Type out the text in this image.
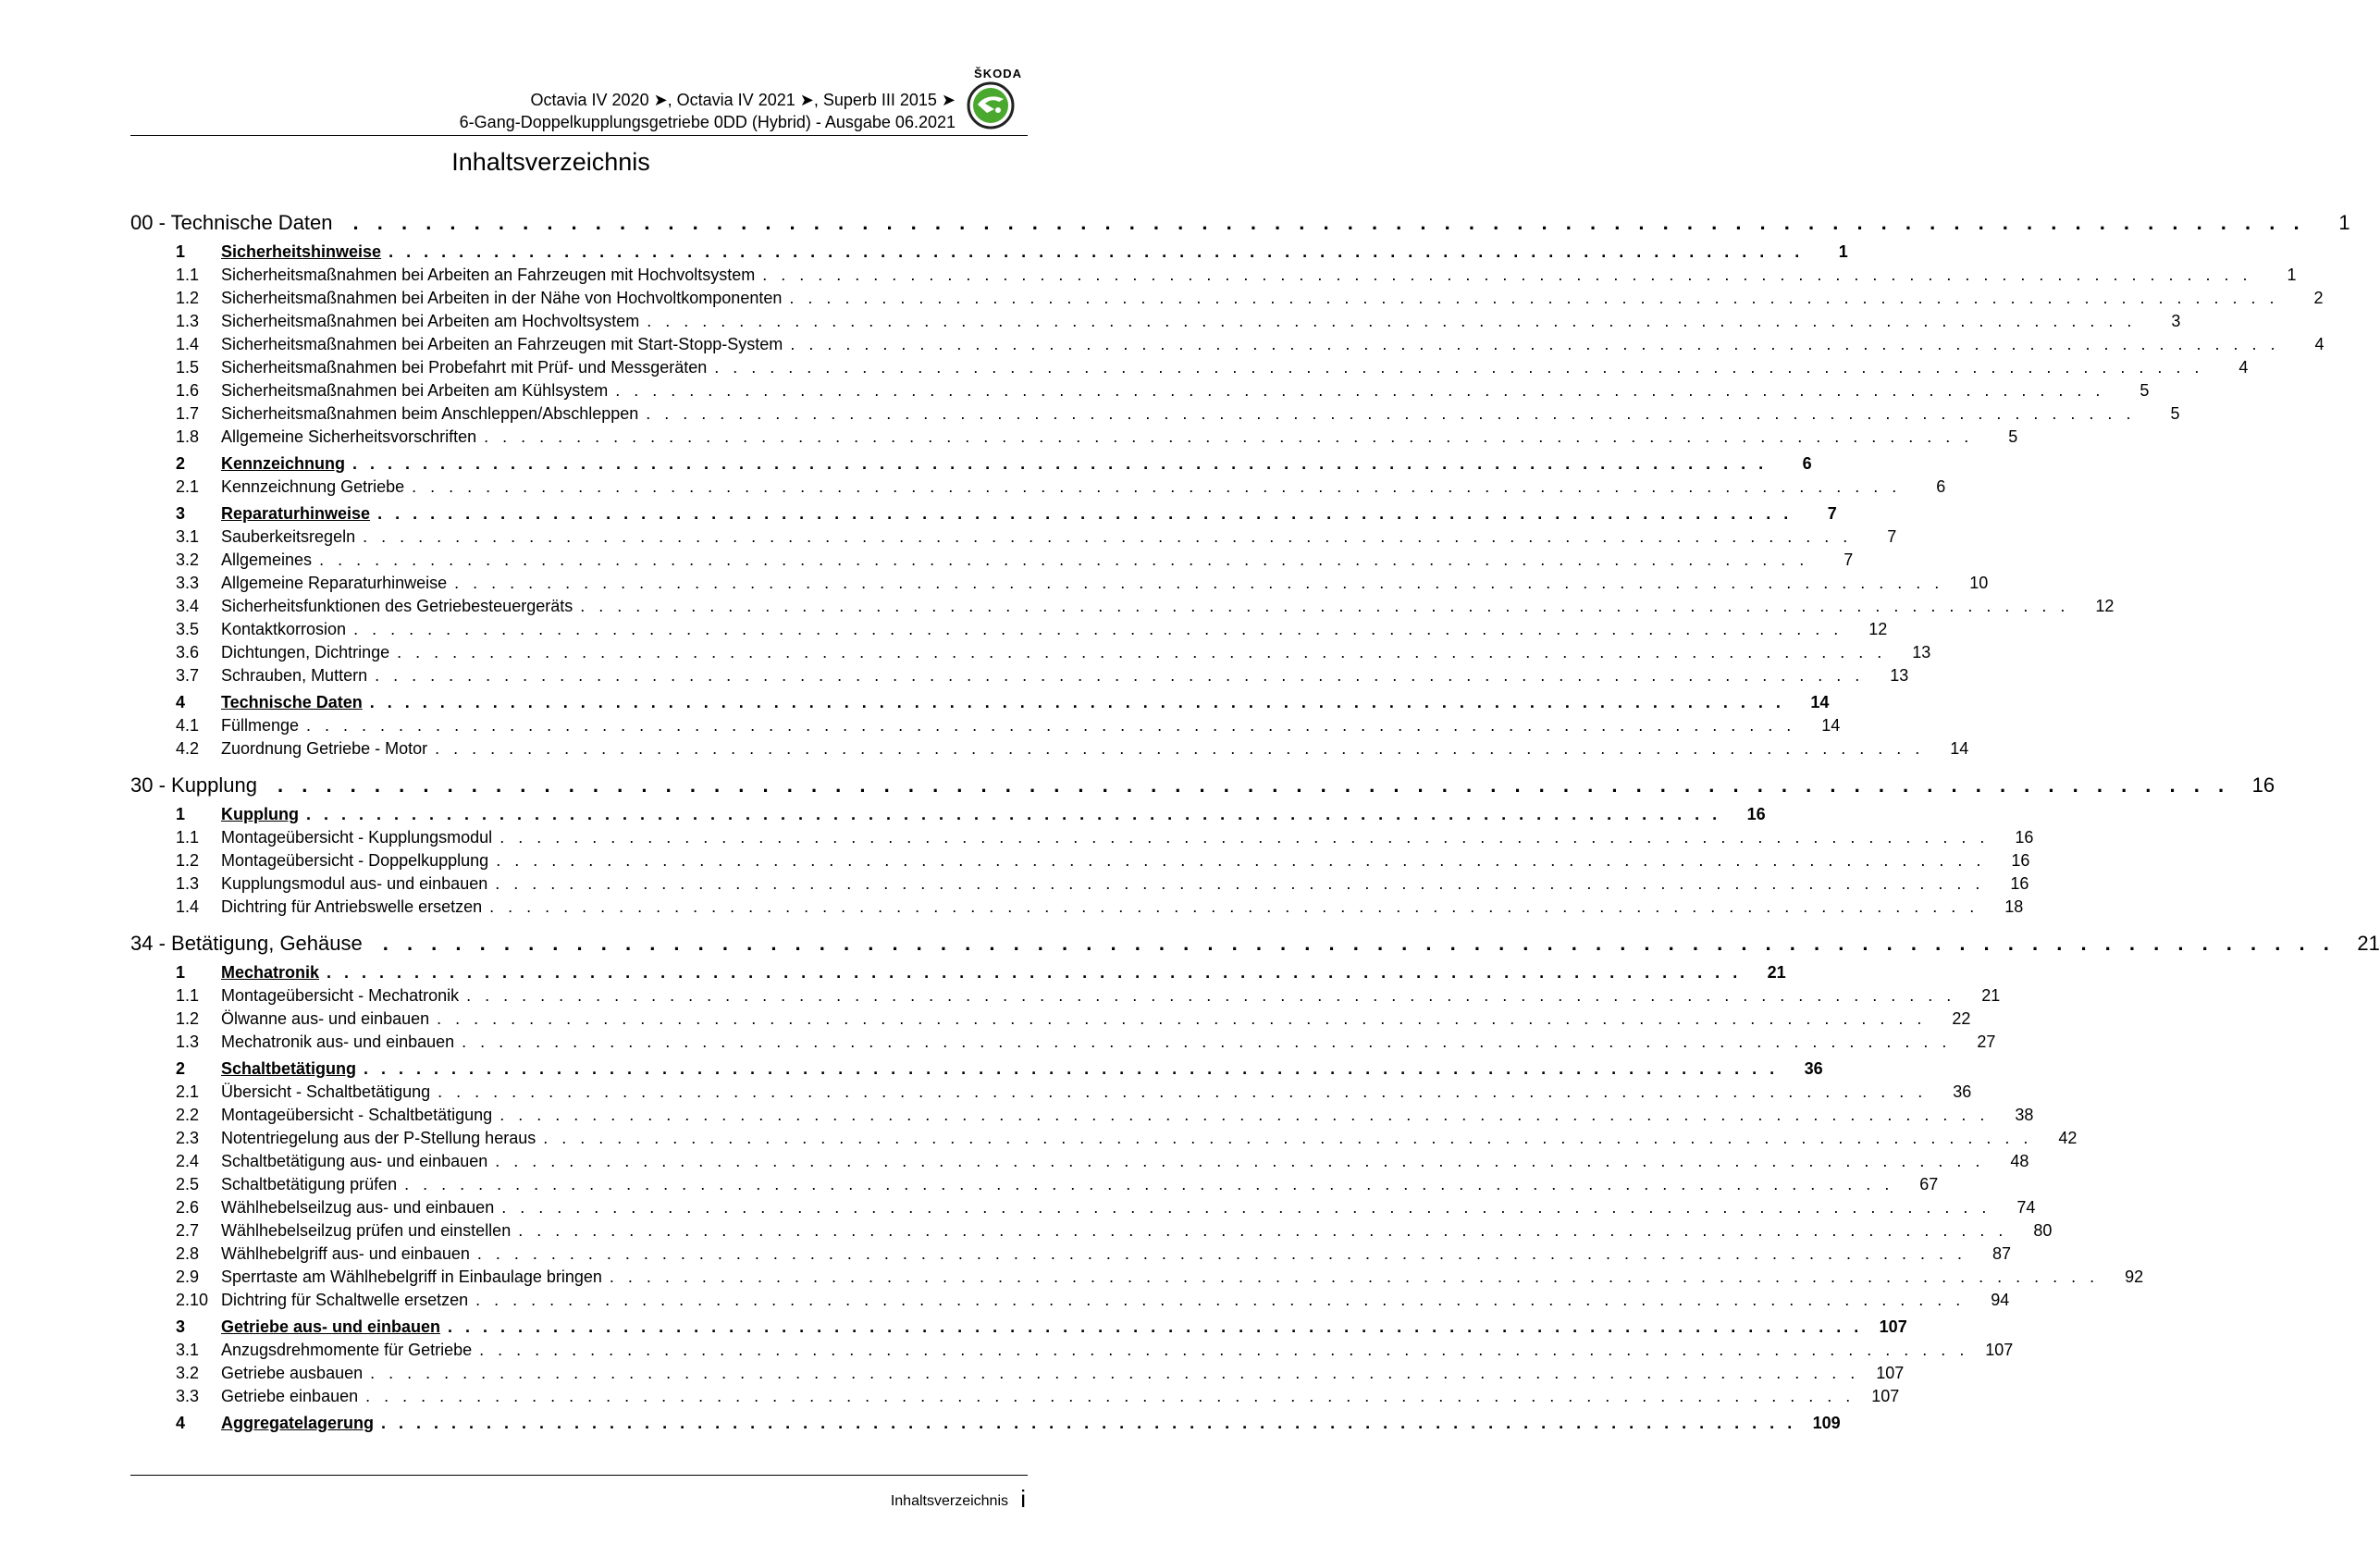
ŠKODA
Octavia IV 2020 ➤, Octavia IV 2021 ➤, Superb III 2015 ➤
6-Gang-Doppelkupplungsgetriebe 0DD (Hybrid) - Ausgabe 06.2021
Inhaltsverzeichnis
00 - Technische Daten	. . . . . . . . . . . . . . . . . . . . . . . . . . . . . . . . . . . . . . . . . . . . . . . . . . . . . . . . . . . . . . . . . . . . . . . . . . . . . . . . .	1
1	Sicherheitshinweise . . . . . . . . . . . . . . . . . . . . . . . . . . . . . . . . . . . . . . . . . . . . . . . . . . . . . . . . . . . . . . . . . . . . . . . . . . . . . . . . .	1
1.1	Sicherheitsmaßnahmen bei Arbeiten an Fahrzeugen mit Hochvoltsystem . . . . . . . . . . . . . . . . . . . . . . . . . . . . . . . . . . . . . . . . . . . . . . . . . . . . . . . . . . . . . . . . . . . . . . . . . . . . . . . . .	1
1.2	Sicherheitsmaßnahmen bei Arbeiten in der Nähe von Hochvoltkomponenten . . . . . . . . . . . . . . . . . . . . . . . . . . . . . . . . . . . . . . . . . . . . . . . . . . . . . . . . . . . . . . . . . . . . . . . . . . . . . . . . .	2
1.3	Sicherheitsmaßnahmen bei Arbeiten am Hochvoltsystem . . . . . . . . . . . . . . . . . . . . . . . . . . . . . . . . . . . . . . . . . . . . . . . . . . . . . . . . . . . . . . . . . . . . . . . . . . . . . . . . .	3
1.4	Sicherheitsmaßnahmen bei Arbeiten an Fahrzeugen mit Start-Stopp-System . . . . . . . . . . . . . . . . . . . . . . . . . . . . . . . . . . . . . . . . . . . . . . . . . . . . . . . . . . . . . . . . . . . . . . . . . . . . . . . . .	4
1.5	Sicherheitsmaßnahmen bei Probefahrt mit Prüf- und Messgeräten . . . . . . . . . . . . . . . . . . . . . . . . . . . . . . . . . . . . . . . . . . . . . . . . . . . . . . . . . . . . . . . . . . . . . . . . . . . . . . . . .	4
1.6	Sicherheitsmaßnahmen bei Arbeiten am Kühlsystem . . . . . . . . . . . . . . . . . . . . . . . . . . . . . . . . . . . . . . . . . . . . . . . . . . . . . . . . . . . . . . . . . . . . . . . . . . . . . . . . .	5
1.7	Sicherheitsmaßnahmen beim Anschleppen/Abschleppen . . . . . . . . . . . . . . . . . . . . . . . . . . . . . . . . . . . . . . . . . . . . . . . . . . . . . . . . . . . . . . . . . . . . . . . . . . . . . . . . .	5
1.8	Allgemeine Sicherheitsvorschriften . . . . . . . . . . . . . . . . . . . . . . . . . . . . . . . . . . . . . . . . . . . . . . . . . . . . . . . . . . . . . . . . . . . . . . . . . . . . . . . . .	5
2	Kennzeichnung . . . . . . . . . . . . . . . . . . . . . . . . . . . . . . . . . . . . . . . . . . . . . . . . . . . . . . . . . . . . . . . . . . . . . . . . . . . . . . . . .	6
2.1	Kennzeichnung Getriebe . . . . . . . . . . . . . . . . . . . . . . . . . . . . . . . . . . . . . . . . . . . . . . . . . . . . . . . . . . . . . . . . . . . . . . . . . . . . . . . . .	6
3	Reparaturhinweise . . . . . . . . . . . . . . . . . . . . . . . . . . . . . . . . . . . . . . . . . . . . . . . . . . . . . . . . . . . . . . . . . . . . . . . . . . . . . . . . .	7
3.1	Sauberkeitsregeln . . . . . . . . . . . . . . . . . . . . . . . . . . . . . . . . . . . . . . . . . . . . . . . . . . . . . . . . . . . . . . . . . . . . . . . . . . . . . . . . .	7
3.2	Allgemeines . . . . . . . . . . . . . . . . . . . . . . . . . . . . . . . . . . . . . . . . . . . . . . . . . . . . . . . . . . . . . . . . . . . . . . . . . . . . . . . . .	7
3.3	Allgemeine Reparaturhinweise . . . . . . . . . . . . . . . . . . . . . . . . . . . . . . . . . . . . . . . . . . . . . . . . . . . . . . . . . . . . . . . . . . . . . . . . . . . . . . . . .	10
3.4	Sicherheitsfunktionen des Getriebesteuergeräts . . . . . . . . . . . . . . . . . . . . . . . . . . . . . . . . . . . . . . . . . . . . . . . . . . . . . . . . . . . . . . . . . . . . . . . . . . . . . . . . .	12
3.5	Kontaktkorrosion . . . . . . . . . . . . . . . . . . . . . . . . . . . . . . . . . . . . . . . . . . . . . . . . . . . . . . . . . . . . . . . . . . . . . . . . . . . . . . . . .	12
3.6	Dichtungen, Dichtringe . . . . . . . . . . . . . . . . . . . . . . . . . . . . . . . . . . . . . . . . . . . . . . . . . . . . . . . . . . . . . . . . . . . . . . . . . . . . . . . . .	13
3.7	Schrauben, Muttern . . . . . . . . . . . . . . . . . . . . . . . . . . . . . . . . . . . . . . . . . . . . . . . . . . . . . . . . . . . . . . . . . . . . . . . . . . . . . . . . .	13
4	Technische Daten . . . . . . . . . . . . . . . . . . . . . . . . . . . . . . . . . . . . . . . . . . . . . . . . . . . . . . . . . . . . . . . . . . . . . . . . . . . . . . . . .	14
4.1	Füllmenge . . . . . . . . . . . . . . . . . . . . . . . . . . . . . . . . . . . . . . . . . . . . . . . . . . . . . . . . . . . . . . . . . . . . . . . . . . . . . . . . .	14
4.2	Zuordnung Getriebe - Motor . . . . . . . . . . . . . . . . . . . . . . . . . . . . . . . . . . . . . . . . . . . . . . . . . . . . . . . . . . . . . . . . . . . . . . . . . . . . . . . . .	14
30 - Kupplung	. . . . . . . . . . . . . . . . . . . . . . . . . . . . . . . . . . . . . . . . . . . . . . . . . . . . . . . . . . . . . . . . . . . . . . . . . . . . . . . . .	16
1	Kupplung . . . . . . . . . . . . . . . . . . . . . . . . . . . . . . . . . . . . . . . . . . . . . . . . . . . . . . . . . . . . . . . . . . . . . . . . . . . . . . . . .	16
1.1	Montageübersicht - Kupplungsmodul . . . . . . . . . . . . . . . . . . . . . . . . . . . . . . . . . . . . . . . . . . . . . . . . . . . . . . . . . . . . . . . . . . . . . . . . . . . . . . . . .	16
1.2	Montageübersicht - Doppelkupplung . . . . . . . . . . . . . . . . . . . . . . . . . . . . . . . . . . . . . . . . . . . . . . . . . . . . . . . . . . . . . . . . . . . . . . . . . . . . . . . . .	16
1.3	Kupplungsmodul aus- und einbauen . . . . . . . . . . . . . . . . . . . . . . . . . . . . . . . . . . . . . . . . . . . . . . . . . . . . . . . . . . . . . . . . . . . . . . . . . . . . . . . . .	16
1.4	Dichtring für Antriebswelle ersetzen . . . . . . . . . . . . . . . . . . . . . . . . . . . . . . . . . . . . . . . . . . . . . . . . . . . . . . . . . . . . . . . . . . . . . . . . . . . . . . . . .	18
34 - Betätigung, Gehäuse	. . . . . . . . . . . . . . . . . . . . . . . . . . . . . . . . . . . . . . . . . . . . . . . . . . . . . . . . . . . . . . . . . . . . . . . . . . . . . . . . .	21
1	Mechatronik . . . . . . . . . . . . . . . . . . . . . . . . . . . . . . . . . . . . . . . . . . . . . . . . . . . . . . . . . . . . . . . . . . . . . . . . . . . . . . . . .	21
1.1	Montageübersicht - Mechatronik . . . . . . . . . . . . . . . . . . . . . . . . . . . . . . . . . . . . . . . . . . . . . . . . . . . . . . . . . . . . . . . . . . . . . . . . . . . . . . . . .	21
1.2	Ölwanne aus- und einbauen . . . . . . . . . . . . . . . . . . . . . . . . . . . . . . . . . . . . . . . . . . . . . . . . . . . . . . . . . . . . . . . . . . . . . . . . . . . . . . . . .	22
1.3	Mechatronik aus- und einbauen . . . . . . . . . . . . . . . . . . . . . . . . . . . . . . . . . . . . . . . . . . . . . . . . . . . . . . . . . . . . . . . . . . . . . . . . . . . . . . . . .	27
2	Schaltbetätigung . . . . . . . . . . . . . . . . . . . . . . . . . . . . . . . . . . . . . . . . . . . . . . . . . . . . . . . . . . . . . . . . . . . . . . . . . . . . . . . . .	36
2.1	Übersicht - Schaltbetätigung . . . . . . . . . . . . . . . . . . . . . . . . . . . . . . . . . . . . . . . . . . . . . . . . . . . . . . . . . . . . . . . . . . . . . . . . . . . . . . . . .	36
2.2	Montageübersicht - Schaltbetätigung . . . . . . . . . . . . . . . . . . . . . . . . . . . . . . . . . . . . . . . . . . . . . . . . . . . . . . . . . . . . . . . . . . . . . . . . . . . . . . . . .	38
2.3	Notentriegelung aus der P-Stellung heraus . . . . . . . . . . . . . . . . . . . . . . . . . . . . . . . . . . . . . . . . . . . . . . . . . . . . . . . . . . . . . . . . . . . . . . . . . . . . . . . . .	42
2.4	Schaltbetätigung aus- und einbauen . . . . . . . . . . . . . . . . . . . . . . . . . . . . . . . . . . . . . . . . . . . . . . . . . . . . . . . . . . . . . . . . . . . . . . . . . . . . . . . . .	48
2.5	Schaltbetätigung prüfen . . . . . . . . . . . . . . . . . . . . . . . . . . . . . . . . . . . . . . . . . . . . . . . . . . . . . . . . . . . . . . . . . . . . . . . . . . . . . . . . .	67
2.6	Wählhebelseilzug aus- und einbauen . . . . . . . . . . . . . . . . . . . . . . . . . . . . . . . . . . . . . . . . . . . . . . . . . . . . . . . . . . . . . . . . . . . . . . . . . . . . . . . . .	74
2.7	Wählhebelseilzug prüfen und einstellen . . . . . . . . . . . . . . . . . . . . . . . . . . . . . . . . . . . . . . . . . . . . . . . . . . . . . . . . . . . . . . . . . . . . . . . . . . . . . . . . .	80
2.8	Wählhebelgriff aus- und einbauen . . . . . . . . . . . . . . . . . . . . . . . . . . . . . . . . . . . . . . . . . . . . . . . . . . . . . . . . . . . . . . . . . . . . . . . . . . . . . . . . .	87
2.9	Sperrtaste am Wählhebelgriff in Einbaulage bringen . . . . . . . . . . . . . . . . . . . . . . . . . . . . . . . . . . . . . . . . . . . . . . . . . . . . . . . . . . . . . . . . . . . . . . . . . . . . . . . . .	92
2.10 Dichtring für Schaltwelle ersetzen . . . . . . . . . . . . . . . . . . . . . . . . . . . . . . . . . . . . . . . . . . . . . . . . . . . . . . . . . . . . . . . . . . . . . . . . . . . . . . . . .	94
3	Getriebe aus- und einbauen . . . . . . . . . . . . . . . . . . . . . . . . . . . . . . . . . . . . . . . . . . . . . . . . . . . . . . . . . . . . . . . . . . . . . . . . . . . . . . . . . 107
3.1	Anzugsdrehmomente für Getriebe . . . . . . . . . . . . . . . . . . . . . . . . . . . . . . . . . . . . . . . . . . . . . . . . . . . . . . . . . . . . . . . . . . . . . . . . . . . . . . . . . 107
3.2	Getriebe ausbauen . . . . . . . . . . . . . . . . . . . . . . . . . . . . . . . . . . . . . . . . . . . . . . . . . . . . . . . . . . . . . . . . . . . . . . . . . . . . . . . . . 107
3.3	Getriebe einbauen . . . . . . . . . . . . . . . . . . . . . . . . . . . . . . . . . . . . . . . . . . . . . . . . . . . . . . . . . . . . . . . . . . . . . . . . . . . . . . . . . 107
4	Aggregatelagerung . . . . . . . . . . . . . . . . . . . . . . . . . . . . . . . . . . . . . . . . . . . . . . . . . . . . . . . . . . . . . . . . . . . . . . . . . . . . . . . . . 109
Inhaltsverzeichnis i
